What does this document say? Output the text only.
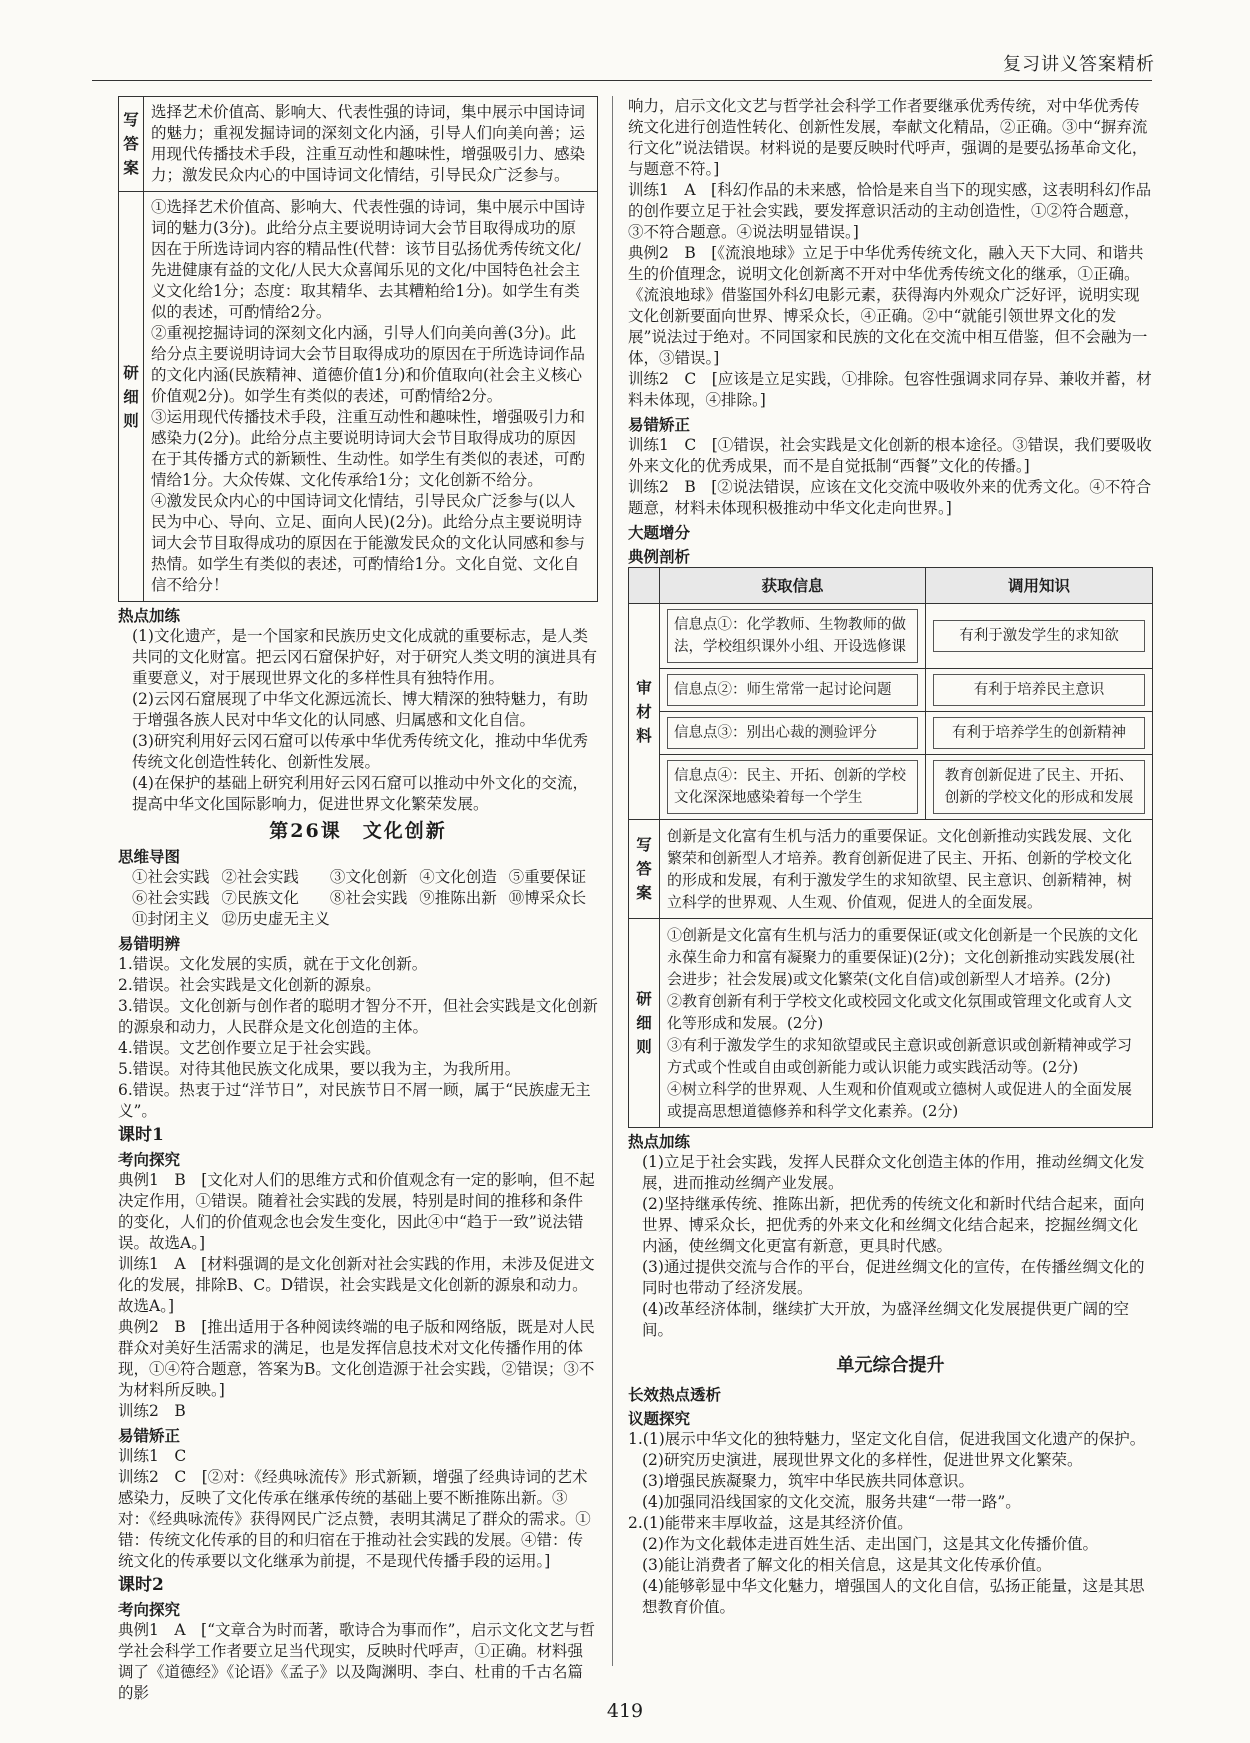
复习讲义答案精析
写答案	选择艺术价值高、影响大、代表性强的诗词，集中展示中国诗词的魅力；重视发掘诗词的深刻文化内涵，引导人们向美向善；运用现代传播技术手段，注重互动性和趣味性，增强吸引力、感染力；激发民众内心的中国诗词文化情结，引导民众广泛参与。
研细则	①选择艺术价值高、影响大、代表性强的诗词，集中展示中国诗词的魅力(3分)。此给分点主要说明诗词大会节目取得成功的原因在于所选诗词内容的精品性(代替：该节目弘扬优秀传统文化/先进健康有益的文化/人民大众喜闻乐见的文化/中国特色社会主义文化给1分；态度：取其精华、去其糟粕给1分)。如学生有类似的表述，可酌情给2分。

②重视挖掘诗词的深刻文化内涵，引导人们向美向善(3分)。此给分点主要说明诗词大会节目取得成功的原因在于所选诗词作品的文化内涵(民族精神、道德价值1分)和价值取向(社会主义核心价值观2分)。如学生有类似的表述，可酌情给2分。

③运用现代传播技术手段，注重互动性和趣味性，增强吸引力和感染力(2分)。此给分点主要说明诗词大会节目取得成功的原因在于其传播方式的新颖性、生动性。如学生有类似的表述，可酌情给1分。大众传媒、文化传承给1分；文化创新不给分。

④激发民众内心的中国诗词文化情结，引导民众广泛参与(以人民为中心、导向、立足、面向人民)(2分)。此给分点主要说明诗词大会节目取得成功的原因在于能激发民众的文化认同感和参与热情。如学生有类似的表述，可酌情给1分。文化自觉、文化自信不给分！

热点加练

(1)文化遗产，是一个国家和民族历史文化成就的重要标志，是人类共同的文化财富。把云冈石窟保护好，对于研究人类文明的演进具有重要意义，对于展现世界文化的多样性具有独特作用。

(2)云冈石窟展现了中华文化源远流长、博大精深的独特魅力，有助于增强各族人民对中华文化的认同感、归属感和文化自信。

(3)研究利用好云冈石窟可以传承中华优秀传统文化，推动中华优秀传统文化创造性转化、创新性发展。

(4)在保护的基础上研究利用好云冈石窟可以推动中外文化的交流，提高中华文化国际影响力，促进世界文化繁荣发展。

第26课　文化创新
思维导图
①社会实践 ②社会实践	③文化创新 ④文化创造 ⑤重要保证
⑥社会实践 ⑦民族文化	⑧社会实践 ⑨推陈出新 ⑩博采众长
⑪封闭主义 ⑫历史虚无主义
易错明辨

1.错误。文化发展的实质，就在于文化创新。

2.错误。社会实践是文化创新的源泉。

3.错误。文化创新与创作者的聪明才智分不开，但社会实践是文化创新的源泉和动力，人民群众是文化创造的主体。

4.错误。文艺创作要立足于社会实践。

5.错误。对待其他民族文化成果，要以我为主，为我所用。

6.错误。热衷于过“洋节日”，对民族节日不屑一顾，属于“民族虚无主义”。

课时1
考向探究

典例1　B　[文化对人们的思维方式和价值观念有一定的影响，但不起决定作用，①错误。随着社会实践的发展，特别是时间的推移和条件的变化，人们的价值观念也会发生变化，因此④中“趋于一致”说法错误。故选A。]

训练1　A　[材料强调的是文化创新对社会实践的作用，未涉及促进文化的发展，排除B、C。D错误，社会实践是文化创新的源泉和动力。故选A。]

典例2　B　[推出适用于各种阅读终端的电子版和网络版，既是对人民群众对美好生活需求的满足，也是发挥信息技术对文化传播作用的体现，①④符合题意，答案为B。文化创造源于社会实践，②错误；③不为材料所反映。]

训练2　B

易错矫正

训练1　C

训练2　C　[②对：《经典咏流传》形式新颖，增强了经典诗词的艺术感染力，反映了文化传承在继承传统的基础上要不断推陈出新。③对：《经典咏流传》获得网民广泛点赞，表明其满足了群众的需求。①错：传统文化传承的目的和归宿在于推动社会实践的发展。④错：传统文化的传承要以文化继承为前提，不是现代传播手段的运用。]

课时2
考向探究

典例1　A　[“文章合为时而著，歌诗合为事而作”，启示文化文艺与哲学社会科学工作者要立足当代现实，反映时代呼声，①正确。材料强调了《道德经》《论语》《孟子》以及陶渊明、李白、杜甫的千古名篇的影

响力，启示文化文艺与哲学社会科学工作者要继承优秀传统，对中华优秀传统文化进行创造性转化、创新性发展，奉献文化精品，②正确。③中“摒弃流行文化”说法错误。材料说的是要反映时代呼声，强调的是要弘扬革命文化，与题意不符。]

训练1　A　[科幻作品的未来感，恰恰是来自当下的现实感，这表明科幻作品的创作要立足于社会实践，要发挥意识活动的主动创造性，①②符合题意，③不符合题意。④说法明显错误。]

典例2　B　[《流浪地球》立足于中华优秀传统文化，融入天下大同、和谐共生的价值理念，说明文化创新离不开对中华优秀传统文化的继承，①正确。《流浪地球》借鉴国外科幻电影元素，获得海内外观众广泛好评，说明实现文化创新要面向世界、博采众长，④正确。②中“就能引领世界文化的发展”说法过于绝对。不同国家和民族的文化在交流中相互借鉴，但不会融为一体，③错误。]

训练2　C　[应该是立足实践，①排除。包容性强调求同存异、兼收并蓄，材料未体现，④排除。]

易错矫正

训练1　C　[①错误，社会实践是文化创新的根本途径。③错误，我们要吸收外来文化的优秀成果，而不是自觉抵制“西餐”文化的传播。]

训练2　B　[②说法错误，应该在文化交流中吸收外来的优秀文化。④不符合题意，材料未体现积极推动中华文化走向世界。]

大题增分
典例剖析
	获取信息	调用知识
审材料	信息点①：化学教师、生物教师的做法，学校组织课外小组、开设选修课	有利于激发学生的求知欲

	信息点②：师生常常一起讨论问题	有利于培养民主意识

	信息点③：别出心裁的测验评分	有利于培养学生的创新精神

	信息点④：民主、开拓、创新的学校文化深深地感染着每一个学生	教育创新促进了民主、开拓、创新的学校文化的形成和发展

写答案	创新是文化富有生机与活力的重要保证。文化创新推动实践发展、文化繁荣和创新型人才培养。教育创新促进了民主、开拓、创新的学校文化的形成和发展，有利于激发学生的求知欲望、民主意识、创新精神，树立科学的世界观、人生观、价值观，促进人的全面发展。	
研细则	①创新是文化富有生机与活力的重要保证(或文化创新是一个民族的文化永葆生命力和富有凝聚力的重要保证)(2分)；文化创新推动实践发展(社会进步；社会发展)或文化繁荣(文化自信)或创新型人才培养。(2分)

②教育创新有利于学校文化或校园文化或文化氛围或管理文化或育人文化等形成和发展。(2分)

③有利于激发学生的求知欲望或民主意识或创新意识或创新精神或学习方式或个性或自由或创新能力或认识能力或实践活动等。(2分)

④树立科学的世界观、人生观和价值观或立德树人或促进人的全面发展或提高思想道德修养和科学文化素养。(2分)	

热点加练

(1)立足于社会实践，发挥人民群众文化创造主体的作用，推动丝绸文化发展，进而推动丝绸产业发展。

(2)坚持继承传统、推陈出新，把优秀的传统文化和新时代结合起来，面向世界、博采众长，把优秀的外来文化和丝绸文化结合起来，挖掘丝绸文化内涵，使丝绸文化更富有新意，更具时代感。

(3)通过提供交流与合作的平台，促进丝绸文化的宣传，在传播丝绸文化的同时也带动了经济发展。

(4)改革经济体制，继续扩大开放，为盛泽丝绸文化发展提供更广阔的空间。

单元综合提升
长效热点透析
议题探究

1.(1)展示中华文化的独特魅力，坚定文化自信，促进我国文化遗产的保护。

(2)研究历史演进，展现世界文化的多样性，促进世界文化繁荣。

(3)增强民族凝聚力，筑牢中华民族共同体意识。

(4)加强同沿线国家的文化交流，服务共建“一带一路”。

2.(1)能带来丰厚收益，这是其经济价值。

(2)作为文化载体走进百姓生活、走出国门，这是其文化传播价值。

(3)能让消费者了解文化的相关信息，这是其文化传承价值。

(4)能够彰显中华文化魅力，增强国人的文化自信，弘扬正能量，这是其思想教育价值。

419
